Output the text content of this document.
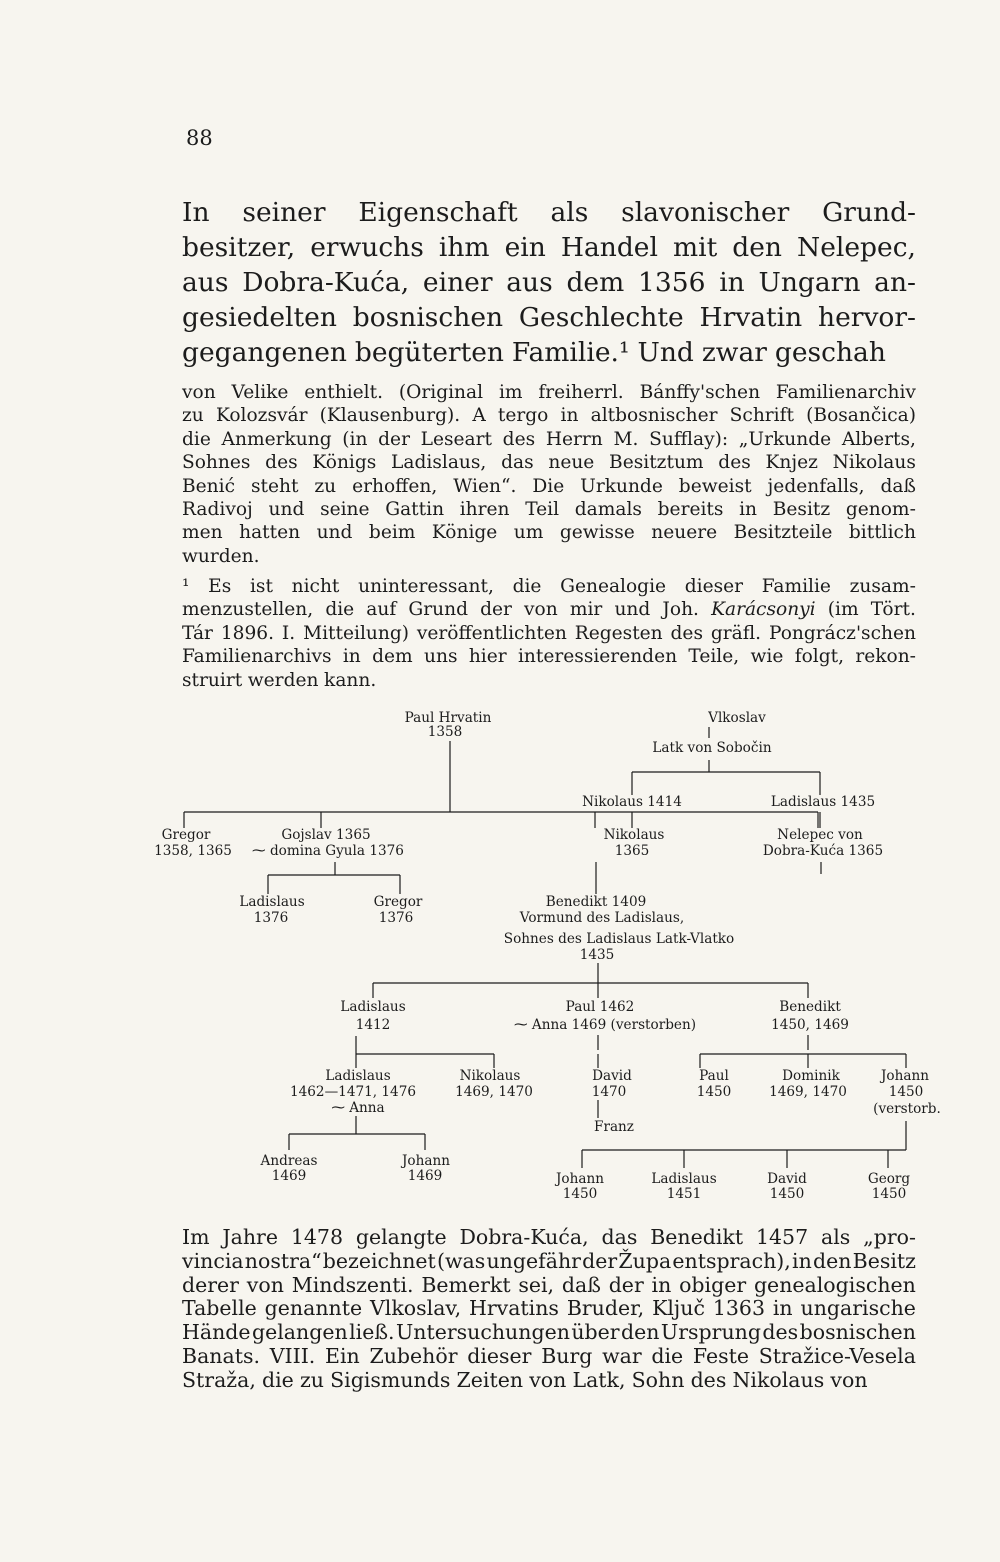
88
In seiner Eigenschaft als slavonischer Grund-
besitzer, erwuchs ihm ein Handel mit den Nelepec,
aus Dobra-Kuća, einer aus dem 1356 in Ungarn an-
gesiedelten bosnischen Geschlechte Hrvatin hervor-
gegangenen begüterten Familie.¹ Und zwar geschah
von Velike enthielt. (Original im freiherrl. Bánffy'schen Familienarchiv
zu Kolozsvár (Klausenburg). A tergo in altbosnischer Schrift (Bosančica)
die Anmerkung (in der Leseart des Herrn M. Sufflay): „Urkunde Alberts,
Sohnes des Königs Ladislaus, das neue Besitztum des Knjez Nikolaus
Benić steht zu erhoffen, Wien“. Die Urkunde beweist jedenfalls, daß
Radivoj und seine Gattin ihren Teil damals bereits in Besitz genom-
men hatten und beim Könige um gewisse neuere Besitzteile bittlich
wurden.
¹ Es ist nicht uninteressant, die Genealogie dieser Familie zusam-
menzustellen, die auf Grund der von mir und Joh. Karácsonyi (im Tört.
Tár 1896. I. Mitteilung) veröffentlichten Regesten des gräfl. Pongrácz'schen
Familienarchivs in dem uns hier interessierenden Teile, wie folgt, rekon-
struirt werden kann.
Paul Hrvatin
1358
Vlkoslav
Latk von Sobočin
Nikolaus 1414	Ladislaus 1435
Gregor
1358, 1365
Gojslav 1365
⁓ domina Gyula 1376
Nikolaus
1365
Nelepec von
Dobra-Kuća 1365
Ladislaus
1376
Gregor
1376
Benedikt 1409
Vormund des Ladislaus,
Sohnes des Ladislaus Latk-Vlatko
1435
Ladislaus
1412
Paul 1462
⁓ Anna 1469 (verstorben)
Benedikt
1450, 1469
Ladislaus
1462—1471, 1476
⁓ Anna
Nikolaus
1469, 1470
David
1470
Paul
1450
Dominik
1469, 1470
Johann
1450
(verstorb.
Franz
Andreas
1469
Johann
1469	Johann
1450
Ladislaus
1451
David
1450
Georg
1450
Im Jahre 1478 gelangte Dobra-Kuća, das Benedikt 1457 als „pro-
vincia nostra“ bezeichnet (was ungefähr der Župa entsprach), in den Besitz
derer von Mindszenti. Bemerkt sei, daß der in obiger genealogischen
Tabelle genannte Vlkoslav, Hrvatins Bruder, Ključ 1363 in ungarische
Hände gelangen ließ. Untersuchungen über den Ursprung des bosnischen
Banats. VIII. Ein Zubehör dieser Burg war die Feste Stražice-Vesela
Straža, die zu Sigismunds Zeiten von Latk, Sohn des Nikolaus von
